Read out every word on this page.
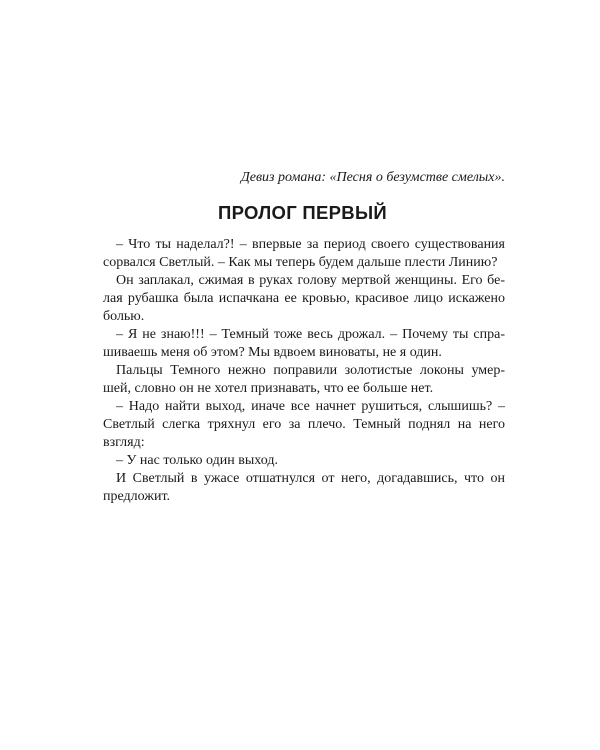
Девиз романа: «Песня о безумстве смелых».
ПРОЛОГ ПЕРВЫЙ
– Что ты наделал?! – впервые за период своего существования
сорвался Светлый. – Как мы теперь будем дальше плести Линию?
Он заплакал, сжимая в руках голову мертвой женщины. Его бе-
лая рубашка была испачкана ее кровью, красивое лицо искажено
болью.
– Я не знаю!!! – Темный тоже весь дрожал. – Почему ты спра-
шиваешь меня об этом? Мы вдвоем виноваты, не я один.
Пальцы Темного нежно поправили золотистые локоны умер-
шей, словно он не хотел признавать, что ее больше нет.
– Надо найти выход, иначе все начнет рушиться, слышишь? –
Светлый слегка тряхнул его за плечо. Темный поднял на него
взгляд:
– У нас только один выход.
И Светлый в ужасе отшатнулся от него, догадавшись, что он
предложит.
